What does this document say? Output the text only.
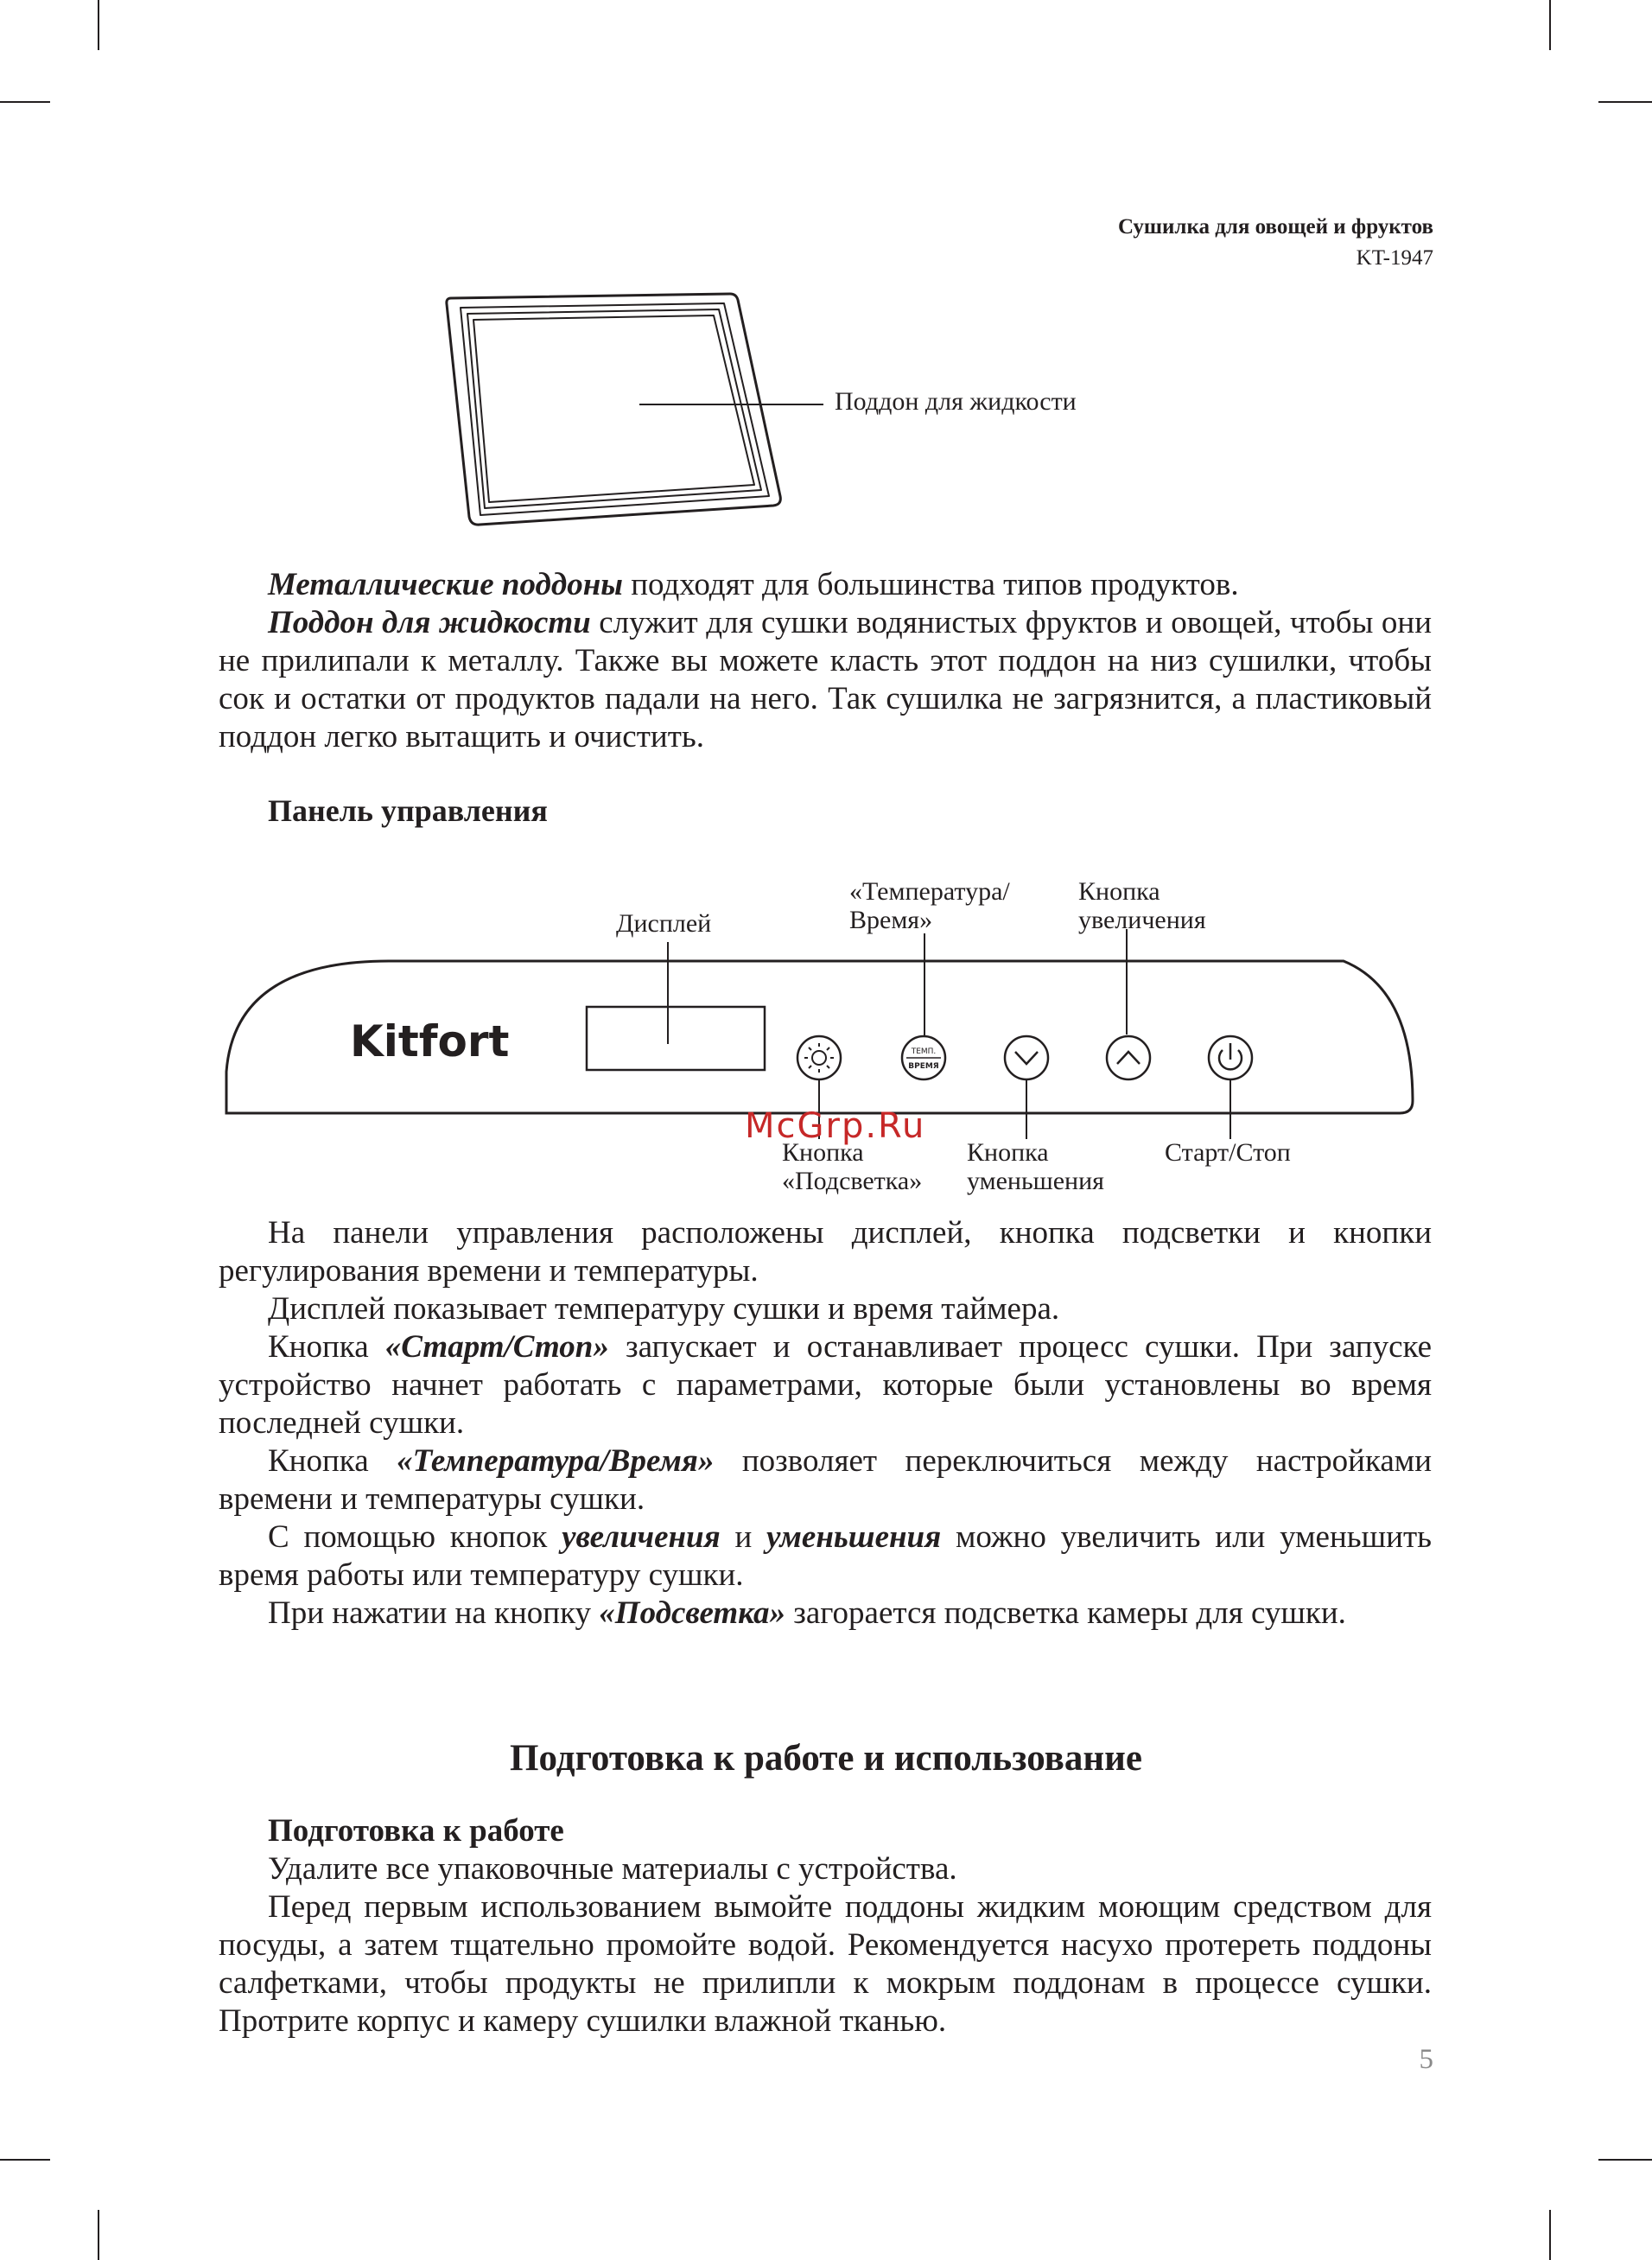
Сушилка для овощей и фруктов
KT-1947
ТЕМП.
ВРЕМЯ
Kitfort
Поддон для жидкости

Металлические поддоны подходят для большинства типов продуктов.

Поддон для жидкости служит для сушки водянистых фруктов и овощей, чтобы они не прилипали к металлу. Также вы можете класть этот поддон на низ сушилки, чтобы сок и остатки от продуктов падали на него. Так сушилка не загрязнится, а пластиковый поддон легко вытащить и очистить.

Панель управления
Дисплей
«Температура/
Время»
Кнопка
увеличения
Кнопка
«Подсветка»
Кнопка
уменьшения
Старт/Стоп
McGrp.Ru

На панели управления расположены дисплей, кнопка подсветки и кнопки регулирования времени и температуры.

Дисплей показывает температуру сушки и время таймера.

Кнопка «Старт/Стоп» запускает и останавливает процесс сушки. При запуске устройство начнет работать с параметрами, которые были установлены во время последней сушки.

Кнопка «Температура/Время» позволяет переключиться между настройками времени и температуры сушки.

С помощью кнопок увеличения и уменьшения можно увеличить или уменьшить время работы или температуру сушки.

При нажатии на кнопку «Подсветка» загорается подсветка камеры для сушки.

Подготовка к работе и использование

Подготовка к работе

Удалите все упаковочные материалы с устройства.

Перед первым использованием вымойте поддоны жидким моющим средством для посуды, а затем тщательно промойте водой. Рекомендуется насухо протереть поддоны салфетками, чтобы продукты не прилипли к мокрым поддонам в процессе сушки. Протрите корпус и камеру сушилки влажной тканью.

5
